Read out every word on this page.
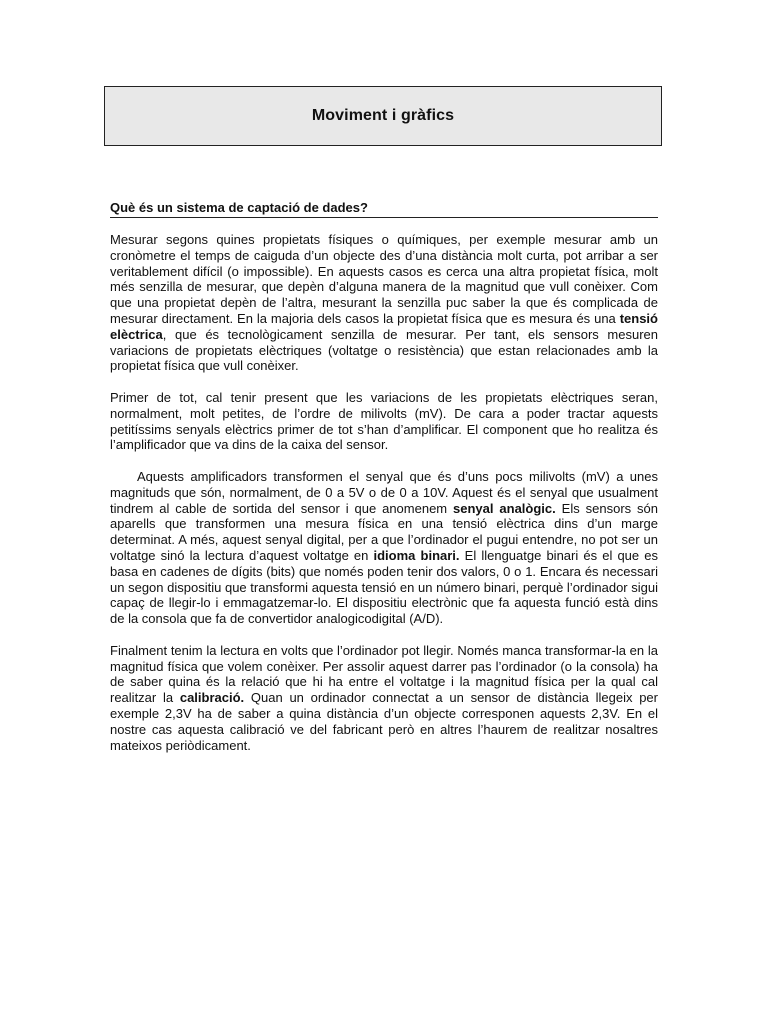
Moviment i gràfics
Què és un sistema de captació de dades?

Mesurar segons quines propietats físiques o químiques, per exemple mesurar amb un cronòmetre el temps de caiguda d’un objecte des d’una distància molt curta, pot arribar a ser veritablement difícil (o impossible). En aquests casos es cerca una altra propietat física, molt més senzilla de mesurar, que depèn d’alguna manera de la magnitud que vull conèixer. Com que una propietat depèn de l’altra, mesurant la senzilla puc saber la que és complicada de mesurar directament. En la majoria dels casos la propietat física que es mesura és una tensió elèctrica, que és tecnològicament senzilla de mesurar. Per tant, els sensors mesuren variacions de propietats elèctriques (voltatge o resistència) que estan relacionades amb la propietat física que vull conèixer.

Primer de tot, cal tenir present que les variacions de les propietats elèctriques seran, normalment, molt petites, de l’ordre de milivolts (mV). De cara a poder tractar aquests petitíssims senyals elèctrics primer de tot s’han d’amplificar. El component que ho realitza és l’amplificador que va dins de la caixa del sensor.

Aquests amplificadors transformen el senyal que és d’uns pocs milivolts (mV) a unes magnituds que són, normalment, de 0 a 5V o de 0 a 10V. Aquest és el senyal que usualment tindrem al cable de sortida del sensor i que anomenem senyal analògic. Els sensors són aparells que transformen una mesura física en una tensió elèctrica dins d’un marge determinat. A més, aquest senyal digital, per a que l’ordinador el pugui entendre, no pot ser un voltatge sinó la lectura d’aquest voltatge en idioma binari. El llenguatge binari és el que es basa en cadenes de dígits (bits) que només poden tenir dos valors, 0 o 1. Encara és necessari un segon dispositiu que transformi aquesta tensió en un número binari, perquè l’ordinador sigui capaç de llegir-lo i emmagatzemar-lo. El dispositiu electrònic que fa aquesta funció està dins de la consola que fa de convertidor analogicodigital (A/D).

Finalment tenim la lectura en volts que l’ordinador pot llegir. Només manca transformar-la en la magnitud física que volem conèixer. Per assolir aquest darrer pas l’ordinador (o la consola) ha de saber quina és la relació que hi ha entre el voltatge i la magnitud física per la qual cal realitzar la calibració. Quan un ordinador connectat a un sensor de distància llegeix per exemple 2,3V ha de saber a quina distància d’un objecte corresponen aquests 2,3V. En el nostre cas aquesta calibració ve del fabricant però en altres l’haurem de realitzar nosaltres mateixos periòdicament.
